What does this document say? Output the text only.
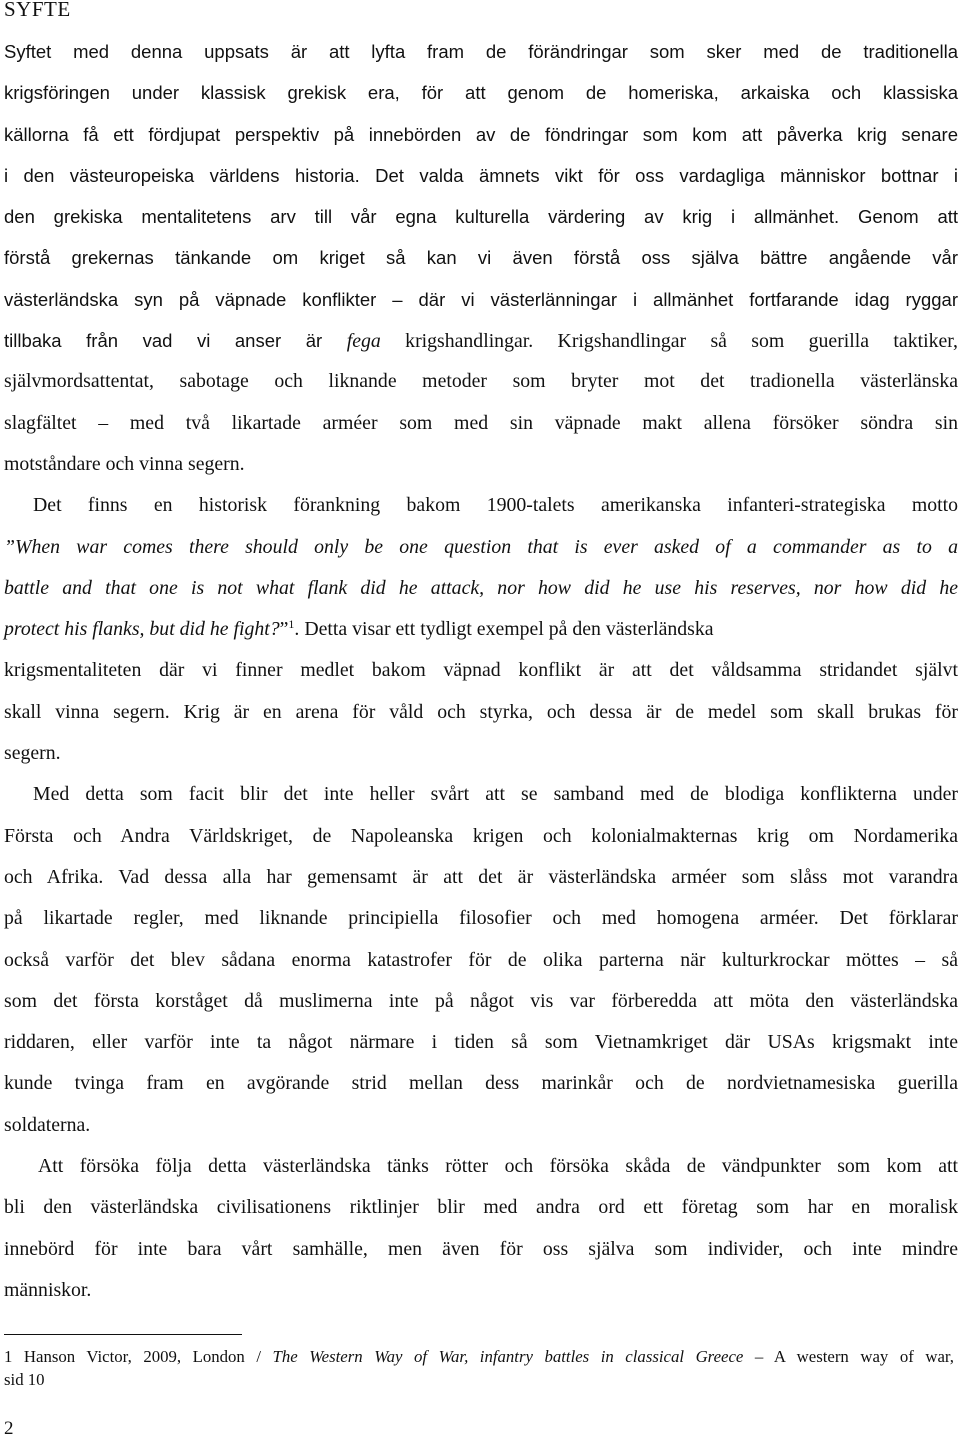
SYFTE
Syftet med denna uppsats är att lyfta fram de förändringar som sker med de traditionella
krigsföringen under klassisk grekisk era, för att genom de homeriska, arkaiska och klassiska
källorna få ett fördjupat perspektiv på innebörden av de föndringar som kom att påverka krig senare
i den västeuropeiska världens historia. Det valda ämnets vikt för oss vardagliga människor bottnar i
den grekiska mentalitetens arv till vår egna kulturella värdering av krig i allmänhet. Genom att
förstå grekernas tänkande om kriget så kan vi även förstå oss själva bättre angående vår
västerländska syn på väpnade konflikter – där vi västerlänningar i allmänhet fortfarande idag ryggar
tillbaka från vad vi anser är fega krigshandlingar. Krigshandlingar så som guerilla taktiker,
självmordsattentat, sabotage och liknande metoder som bryter mot det tradionella västerlänska
slagfältet – med två likartade arméer som med sin väpnade makt allena försöker söndra sin
motståndare och vinna segern.
Det finns en historisk förankning bakom 1900-talets amerikanska infanteri-strategiska motto
”When war comes there should only be one question that is ever asked of a commander as to a
battle and that one is not what flank did he attack, nor how did he use his reserves, nor how did he
protect his flanks, but did he fight?”$^1$. Detta visar ett tydligt exempel på den västerländska
krigsmentaliteten där vi finner medlet bakom väpnad konflikt är att det våldsamma stridandet självt
skall vinna segern. Krig är en arena för våld och styrka, och dessa är de medel som skall brukas för
segern.
Med detta som facit blir det inte heller svårt att se samband med de blodiga konflikterna under
Första och Andra Världskriget, de Napoleanska krigen och kolonialmakternas krig om Nordamerika
och Afrika. Vad dessa alla har gemensamt är att det är västerländska arméer som slåss mot varandra
på likartade regler, med liknande principiella filosofier och med homogena arméer. Det förklarar
också varför det blev sådana enorma katastrofer för de olika parterna när kulturkrockar möttes – så
som det första korståget då muslimerna inte på något vis var förberedda att möta den västerländska
riddaren, eller varför inte ta något närmare i tiden så som Vietnamkriget där USAs krigsmakt inte
kunde tvinga fram en avgörande strid mellan dess marinkår och de nordvietnamesiska guerilla
soldaterna.
Att försöka följa detta västerländska tänks rötter och försöka skåda de vändpunkter som kom att
bli den västerländska civilisationens riktlinjer blir med andra ord ett företag som har en moralisk
innebörd för inte bara vårt samhälle, men även för oss själva som individer, och inte mindre
människor.
1 Hanson Victor, 2009, London / The Western Way of War, infantry battles in classical Greece – A western way of war,
sid 10
2
